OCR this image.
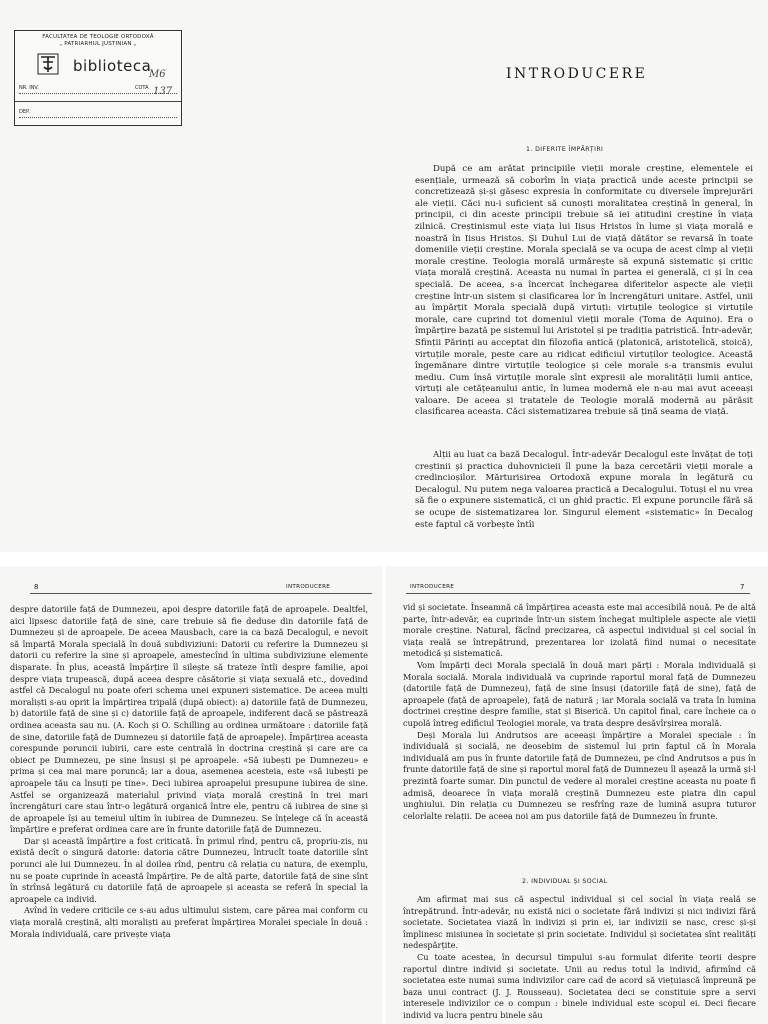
FACULTATEA DE TEOLOGIE ORTODOXĂ
„ PATRIARHUL JUSTINIAN „
biblioteca
M6
NR. INV.	COTA 137
DEP.
INTRODUCERE
1. DIFERITE ÎMPĂRȚIRI

După ce am arătat principiile vieții morale creștine, elementele ei esențiale, urmează să coborîm în viața practică unde aceste principii se concretizează și-și găsesc expresia în conformitate cu diversele împrejurări ale vieții. Căci nu-i suficient să cunoști moralitatea creștină în general, în principii, ci din aceste principii trebuie să iei atitudini creștine în viața zilnică. Creștinismul este viața lui Iisus Hristos în lume și viața morală e noastră în Iisus Hristos. Și Duhul Lui de viață dătător se revarsă în toate domeniile vieții creștine. Morala specială se va ocupa de acest cîmp al vieții morale creștine. Teologia morală urmărește să expună sistematic și critic viața morală creștină. Aceasta nu numai în partea ei generală, ci și în cea specială. De aceea, s-a încercat închegarea diferitelor aspecte ale vieții creștine într-un sistem și clasificarea lor în încrengături unitare. Astfel, unii au împărțit Morala specială după virtuți: virtuțile teologice și virtuțile morale, care cuprind tot domeniul vieții morale (Toma de Aquino). Era o împărțire bazată pe sistemul lui Aristotel și pe tradiția patristică. Într-adevăr, Sfinții Părinți au acceptat din filozofia antică (platonică, aristotelică, stoică), virtuțile morale, peste care au ridicat edificiul virtuților teologice. Această îngemănare dintre virtuțile teologice și cele morale s-a transmis evului mediu. Cum însă virtuțile morale sînt expresii ale moralității lumii antice, virtuți ale cetățeanului antic, în lumea modernă ele n-au mai avut aceeași valoare. De aceea și tratatele de Teologie morală modernă au părăsit clasificarea aceasta. Căci sistematizarea trebuie să țină seama de viață.

Alții au luat ca bază Decalogul. Într-adevăr Decalogul este învățat de toți creștinii și practica duhovnicieii îl pune la baza cercetării vieții morale a credincioșilor. Mărturisirea Ortodoxă expune morala în legătură cu Decalogul. Nu putem nega valoarea practică a Decalogului. Totuși el nu vrea să fie o expunere sistematică, ci un ghid practic. El expune poruncile fără să se ocupe de sistematizarea lor. Singurul element «sistematic» în Decalog este faptul că vorbește întîi

8	INTRODUCERE

despre datoriile față de Dumnezeu, apoi despre datoriile față de aproapele. Dealtfel, aici lipsesc datoriile față de sine, care trebuie să fie deduse din datoriile față de Dumnezeu și de aproapele. De aceea Mausbach, care ia ca bază Decalogul, e nevoit să împartă Morala specială în două subdiviziuni: Datorii cu referire la Dumnezeu și datorii cu referire la sine și aproapele, amestecînd în ultima subdiviziune elemente disparate. În plus, această împărțire îl silește să trateze întîi despre familie, apoi despre viața trupească, după aceea despre căsătorie și viața sexuală etc., dovedind astfel că Decalogul nu poate oferi schema unei expuneri sistematice. De aceea mulți moraliști s-au oprit la împărțirea tripală (după obiect): a) datoriile față de Dumnezeu, b) datoriile față de sine și c) datoriile față de aproapele, indiferent dacă se păstrează ordinea aceasta sau nu. (A. Koch și O. Schilling au ordinea următoare : datoriile față de sine, datoriile față de Dumnezeu și datoriile față de aproapele). Împărțirea aceasta corespunde poruncii iubirii, care este centrală în doctrina creștină și care are ca obiect pe Dumnezeu, pe sine însuși și pe aproapele. «Să iubești pe Dumnezeu» e prima și cea mai mare poruncă; iar a doua, asemenea acesteia, este «să iubești pe aproapele tău ca însuți pe tine». Deci iubirea aproapelui presupune iubirea de sine. Astfel se organizează materialul privind viața morală creștină în trei mari încrengături care stau într-o legătură organică între ele, pentru că iubirea de sine și de aproapele își au temeiul ultim în iubirea de Dumnezeu. Se înțelege că în această împărțire e preferat ordinea care are în frunte datoriile față de Dumnezeu.

Dar și această împărțire a fost criticată. În primul rînd, pentru că, propriu-zis, nu există decît o singură datorie: datoria către Dumnezeu, întrucît toate datoriile sînt porunci ale lui Dumnezeu. În al doilea rînd, pentru că relația cu natura, de exemplu, nu se poate cuprinde în această împărțire. Pe de altă parte, datoriile față de sine sînt în strînsă legătură cu datoriile față de aproapele și aceasta se referă în special la aproapele ca individ.

Avînd în vedere criticile ce s-au adus ultimului sistem, care părea mai conform cu viața morală creștină, alți moraliști au preferat împărțirea Moralei speciale în două : Morala individuală, care privește viața

INTRODUCERE	7

vid și societate. Înseamnă că împărțirea aceasta este mai accesibilă nouă. Pe de altă parte, într-adevăr, ea cuprinde într-un sistem închegat multiplele aspecte ale vieții morale creștine. Natural, făcînd precizarea, că aspectul individual și cel social în viața reală se întrepătrund, prezentarea lor izolată fiind numai o necesitate metodică și sistematică.

Vom împărți deci Morala specială în două mari părți : Morala individuală și Morala socială. Morala individuală va cuprinde raportul moral față de Dumnezeu (datoriile față de Dumnezeu), față de sine însuși (datoriile față de sine), față de aproapele (față de aproapele), față de natură ; iar Morala socială va trata în lumina doctrinei creștine despre familie, stat și Biserică. Un capitol final, care încheie ca o cupolă întreg edificiul Teologiei morale, va trata despre desăvîrșirea morală.

Deși Morala lui Andrutsos are aceeași împărțire a Moralei speciale : în individuală și socială, ne deosebim de sistemul lui prin faptul că în Morala individuală am pus în frunte datoriile față de Dumnezeu, pe cînd Andrutsos a pus în frunte datoriile față de sine și raportul moral față de Dumnezeu îl așează la urmă și-l prezintă foarte sumar. Din punctul de vedere al moralei creștine aceasta nu poate fi admisă, deoarece în viața morală creștină Dumnezeu este piatra din capul unghiului. Din relația cu Dumnezeu se resfrîng raze de lumină asupra tuturor celorlalte relații. De aceea noi am pus datoriile față de Dumnezeu în frunte.

2. INDIVIDUAL ȘI SOCIAL

Am afirmat mai sus că aspectul individual și cel social în viața reală se întrepătrund. Într-adevăr, nu există nici o societate fără indivizi și nici indivizi fără societate. Societatea viază în indivizi și prin ei, iar indivizii se nasc, cresc și-și împlinesc misiunea în societate și prin societate. Individul și societatea sînt realități nedespărțite.

Cu toate acestea, în decursul timpului s-au formulat diferite teorii despre raportul dintre individ și societate. Unii au redus totul la individ, afirmînd că societatea este numai suma indivizilor care cad de acord să viețuiască împreună pe baza unui contract (J. J. Rousseau). Societatea deci se constituie spre a servi interesele indivizilor ce o compun : binele individual este scopul ei. Deci fiecare individ va lucra pentru binele său
